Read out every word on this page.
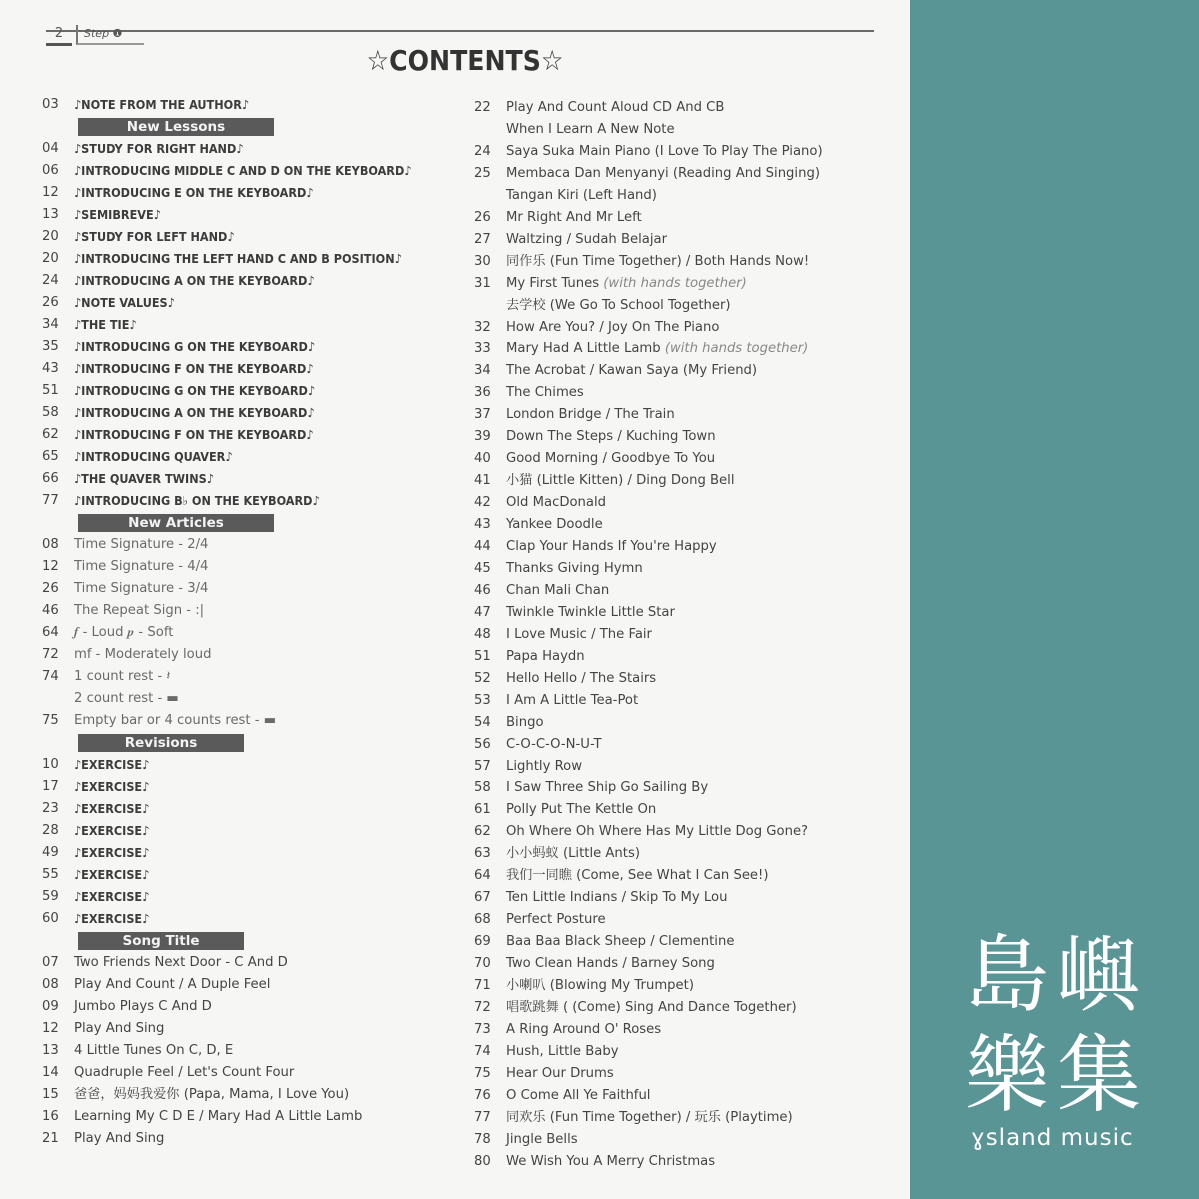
2	Step ❶
☆CONTENTS☆
03	♪NOTE FROM THE AUTHOR♪
New Lessons
04	♪STUDY FOR RIGHT HAND♪
06	♪INTRODUCING MIDDLE C AND D ON THE KEYBOARD♪
12	♪INTRODUCING E ON THE KEYBOARD♪
13	♪SEMIBREVE♪
20	♪STUDY FOR LEFT HAND♪
20	♪INTRODUCING THE LEFT HAND C AND B POSITION♪
24	♪INTRODUCING A ON THE KEYBOARD♪
26	♪NOTE VALUES♪
34	♪THE TIE♪
35	♪INTRODUCING G ON THE KEYBOARD♪
43	♪INTRODUCING F ON THE KEYBOARD♪
51	♪INTRODUCING G ON THE KEYBOARD♪
58	♪INTRODUCING A ON THE KEYBOARD♪
62	♪INTRODUCING F ON THE KEYBOARD♪
65	♪INTRODUCING QUAVER♪
66	♪THE QUAVER TWINS♪
77	♪INTRODUCING B♭ ON THE KEYBOARD♪
New Articles
08	Time Signature - 2/4
12	Time Signature - 4/4
26	Time Signature - 3/4
46	The Repeat Sign - :|
64	𝆑 - Loud 𝆏 - Soft
72	mf - Moderately loud
74	1 count rest - 𝄽
2 count rest - ▬
75	Empty bar or 4 counts rest - ▬
Revisions
10	♪EXERCISE♪
17	♪EXERCISE♪
23	♪EXERCISE♪
28	♪EXERCISE♪
49	♪EXERCISE♪
55	♪EXERCISE♪
59	♪EXERCISE♪
60	♪EXERCISE♪
Song Title
07	Two Friends Next Door - C And D
08	Play And Count / A Duple Feel
09	Jumbo Plays C And D
12	Play And Sing
13	4 Little Tunes On C, D, E
14	Quadruple Feel / Let's Count Four
15	爸爸，妈妈我爱你 (Papa, Mama, I Love You)
16	Learning My C D E / Mary Had A Little Lamb
21	Play And Sing
22	Play And Count Aloud CD And CB
When I Learn A New Note
24	Saya Suka Main Piano (I Love To Play The Piano)
25	Membaca Dan Menyanyi (Reading And Singing)
Tangan Kiri (Left Hand)
26	Mr Right And Mr Left
27	Waltzing / Sudah Belajar
30	同作乐 (Fun Time Together) / Both Hands Now!
31	My First Tunes (with hands together)
去学校 (We Go To School Together)
32	How Are You? / Joy On The Piano
33	Mary Had A Little Lamb (with hands together)
34	The Acrobat / Kawan Saya (My Friend)
36	The Chimes
37	London Bridge / The Train
39	Down The Steps / Kuching Town
40	Good Morning / Goodbye To You
41	小猫 (Little Kitten) / Ding Dong Bell
42	Old MacDonald
43	Yankee Doodle
44	Clap Your Hands If You're Happy
45	Thanks Giving Hymn
46	Chan Mali Chan
47	Twinkle Twinkle Little Star
48	I Love Music / The Fair
51	Papa Haydn
52	Hello Hello / The Stairs
53	I Am A Little Tea-Pot
54	Bingo
56	C-O-C-O-N-U-T
57	Lightly Row
58	I Saw Three Ship Go Sailing By
61	Polly Put The Kettle On
62	Oh Where Oh Where Has My Little Dog Gone?
63	小小蚂蚁 (Little Ants)
64	我们一同瞧 (Come, See What I Can See!)
67	Ten Little Indians / Skip To My Lou
68	Perfect Posture
69	Baa Baa Black Sheep / Clementine
70	Two Clean Hands / Barney Song
71	小喇叭 (Blowing My Trumpet)
72	唱歌跳舞 ( (Come) Sing And Dance Together)
73	A Ring Around O' Roses
74	Hush, Little Baby
75	Hear Our Drums
76	O Come All Ye Faithful
77	同欢乐 (Fun Time Together) / 玩乐 (Playtime)
78	Jingle Bells
80	We Wish You A Merry Christmas
島嶼
樂集
ɣsland music
